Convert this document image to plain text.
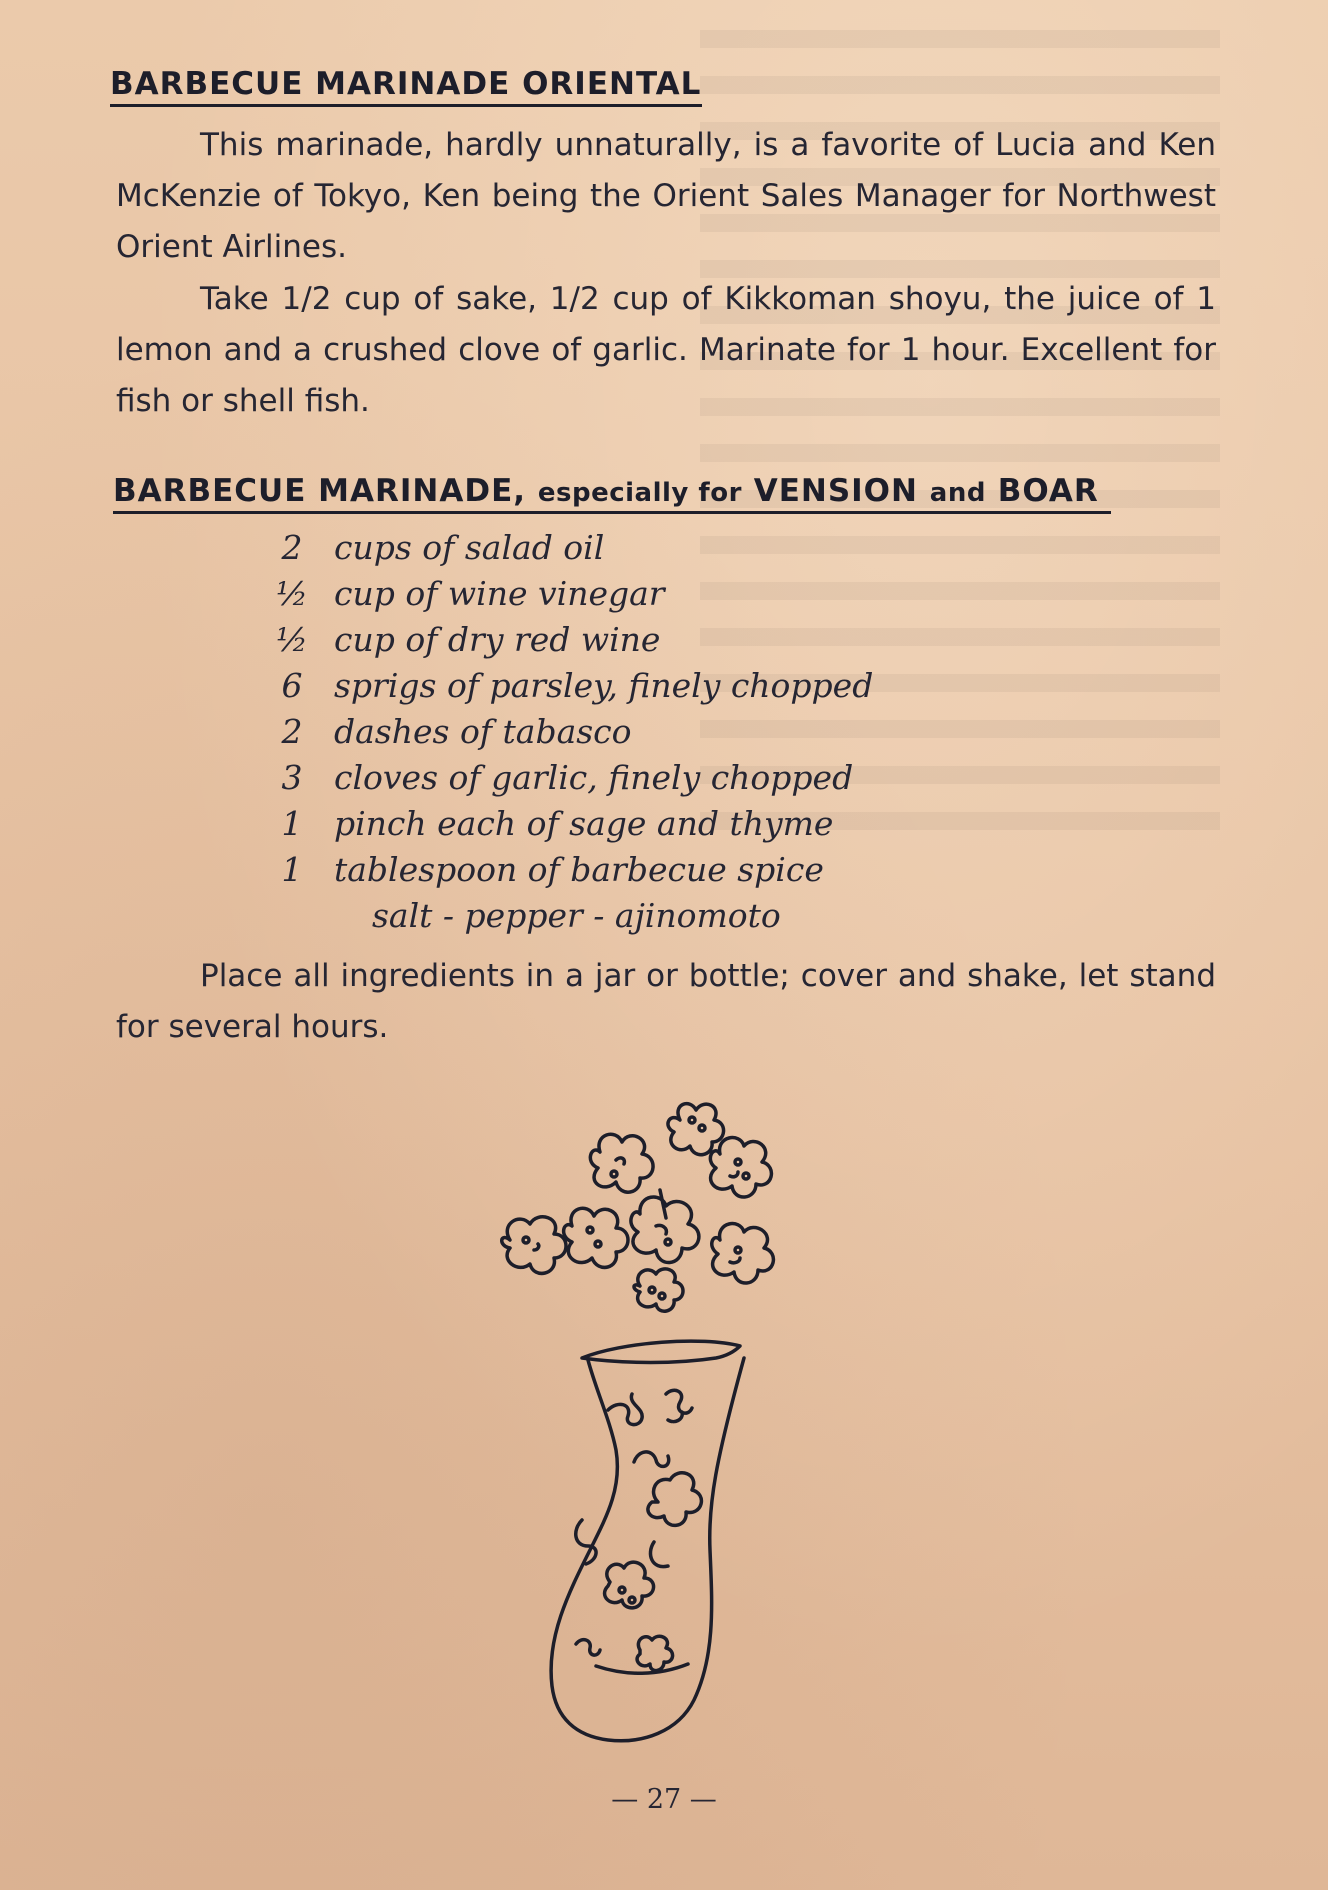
BARBECUE MARINADE ORIENTAL
This marinade, hardly unnaturally, is a favorite of Lucia and Ken McKenzie of Tokyo, Ken being the Orient Sales Manager for Northwest Orient Airlines.
Take 1/2 cup of sake, 1/2 cup of Kikkoman shoyu, the juice of 1 lemon and a crushed clove of garlic. Marinate for 1 hour. Excellent for fish or shell fish.
BARBECUE MARINADE, especially for VENSION and BOAR
2 cups of salad oil
½ cup of wine vinegar
½ cup of dry red wine
6 sprigs of parsley, finely chopped
2 dashes of tabasco
3 cloves of garlic, finely chopped
1 pinch each of sage and thyme
1 tablespoon of barbecue spice
salt - pepper - ajinomoto
Place all ingredients in a jar or bottle; cover and shake, let stand for several hours.
— 27 —
